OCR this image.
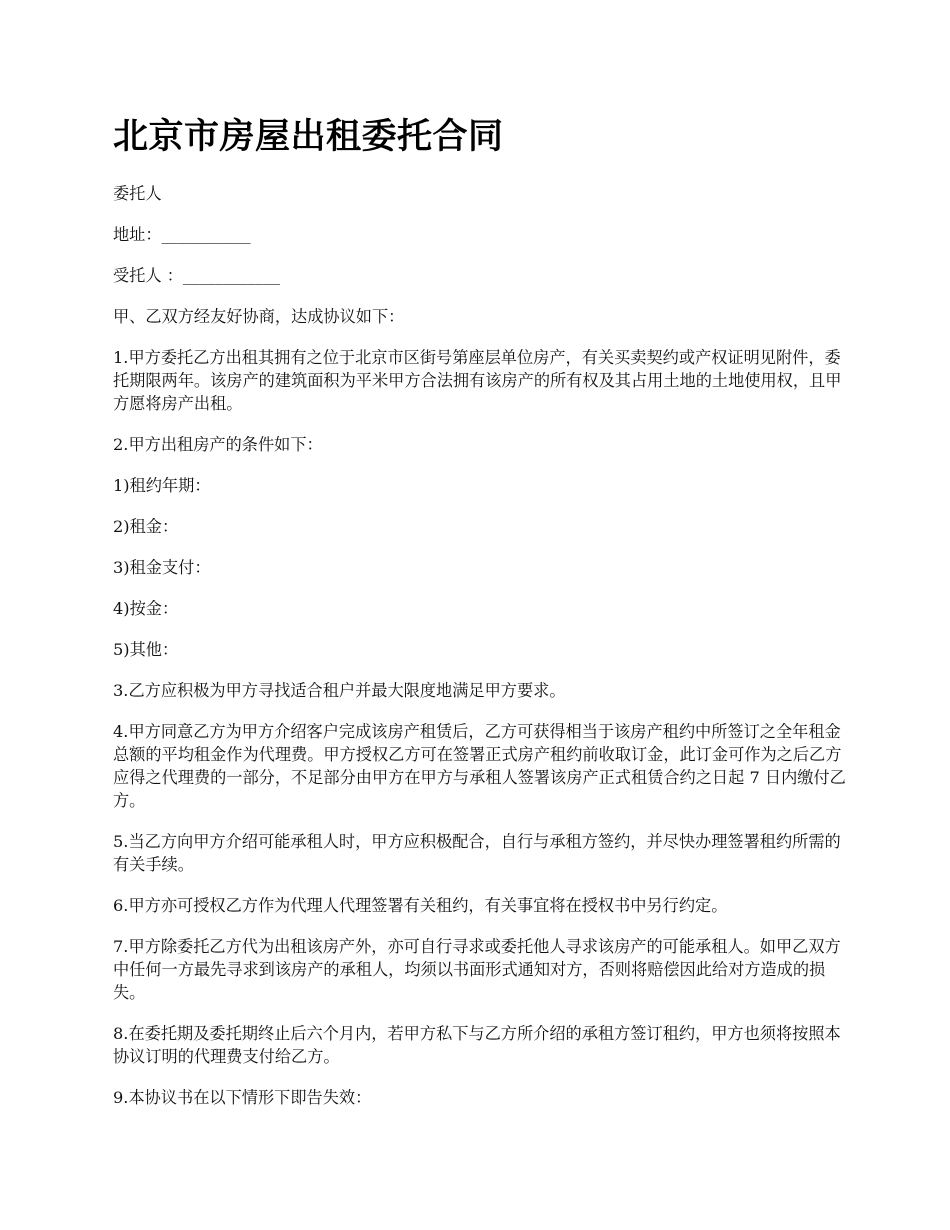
北京市房屋出租委托合同

委托人

地址：___________

受托人 ：____________

甲、乙双方经友好协商，达成协议如下：

1.甲方委托乙方出租其拥有之位于北京市区街号第座层单位房产，有关买卖契约或产权证明见附件，委托期限两年。该房产的建筑面积为平米甲方合法拥有该房产的所有权及其占用土地的土地使用权，且甲方愿将房产出租。

2.甲方出租房产的条件如下：

1)租约年期：

2)租金：

3)租金支付：

4)按金：

5)其他：

3.乙方应积极为甲方寻找适合租户并最大限度地满足甲方要求。

4.甲方同意乙方为甲方介绍客户完成该房产租赁后，乙方可获得相当于该房产租约中所签订之全年租金总额的平均租金作为代理费。甲方授权乙方可在签署正式房产租约前收取订金，此订金可作为之后乙方应得之代理费的一部分，不足部分由甲方在甲方与承租人签署该房产正式租赁合约之日起 7 日内缴付乙方。

5.当乙方向甲方介绍可能承租人时，甲方应积极配合，自行与承租方签约，并尽快办理签署租约所需的有关手续。

6.甲方亦可授权乙方作为代理人代理签署有关租约，有关事宜将在授权书中另行约定。

7.甲方除委托乙方代为出租该房产外，亦可自行寻求或委托他人寻求该房产的可能承租人。如甲乙双方中任何一方最先寻求到该房产的承租人，均须以书面形式通知对方，否则将赔偿因此给对方造成的损失。

8.在委托期及委托期终止后六个月内，若甲方私下与乙方所介绍的承租方签订租约，甲方也须将按照本协议订明的代理费支付给乙方。

9.本协议书在以下情形下即告失效：
